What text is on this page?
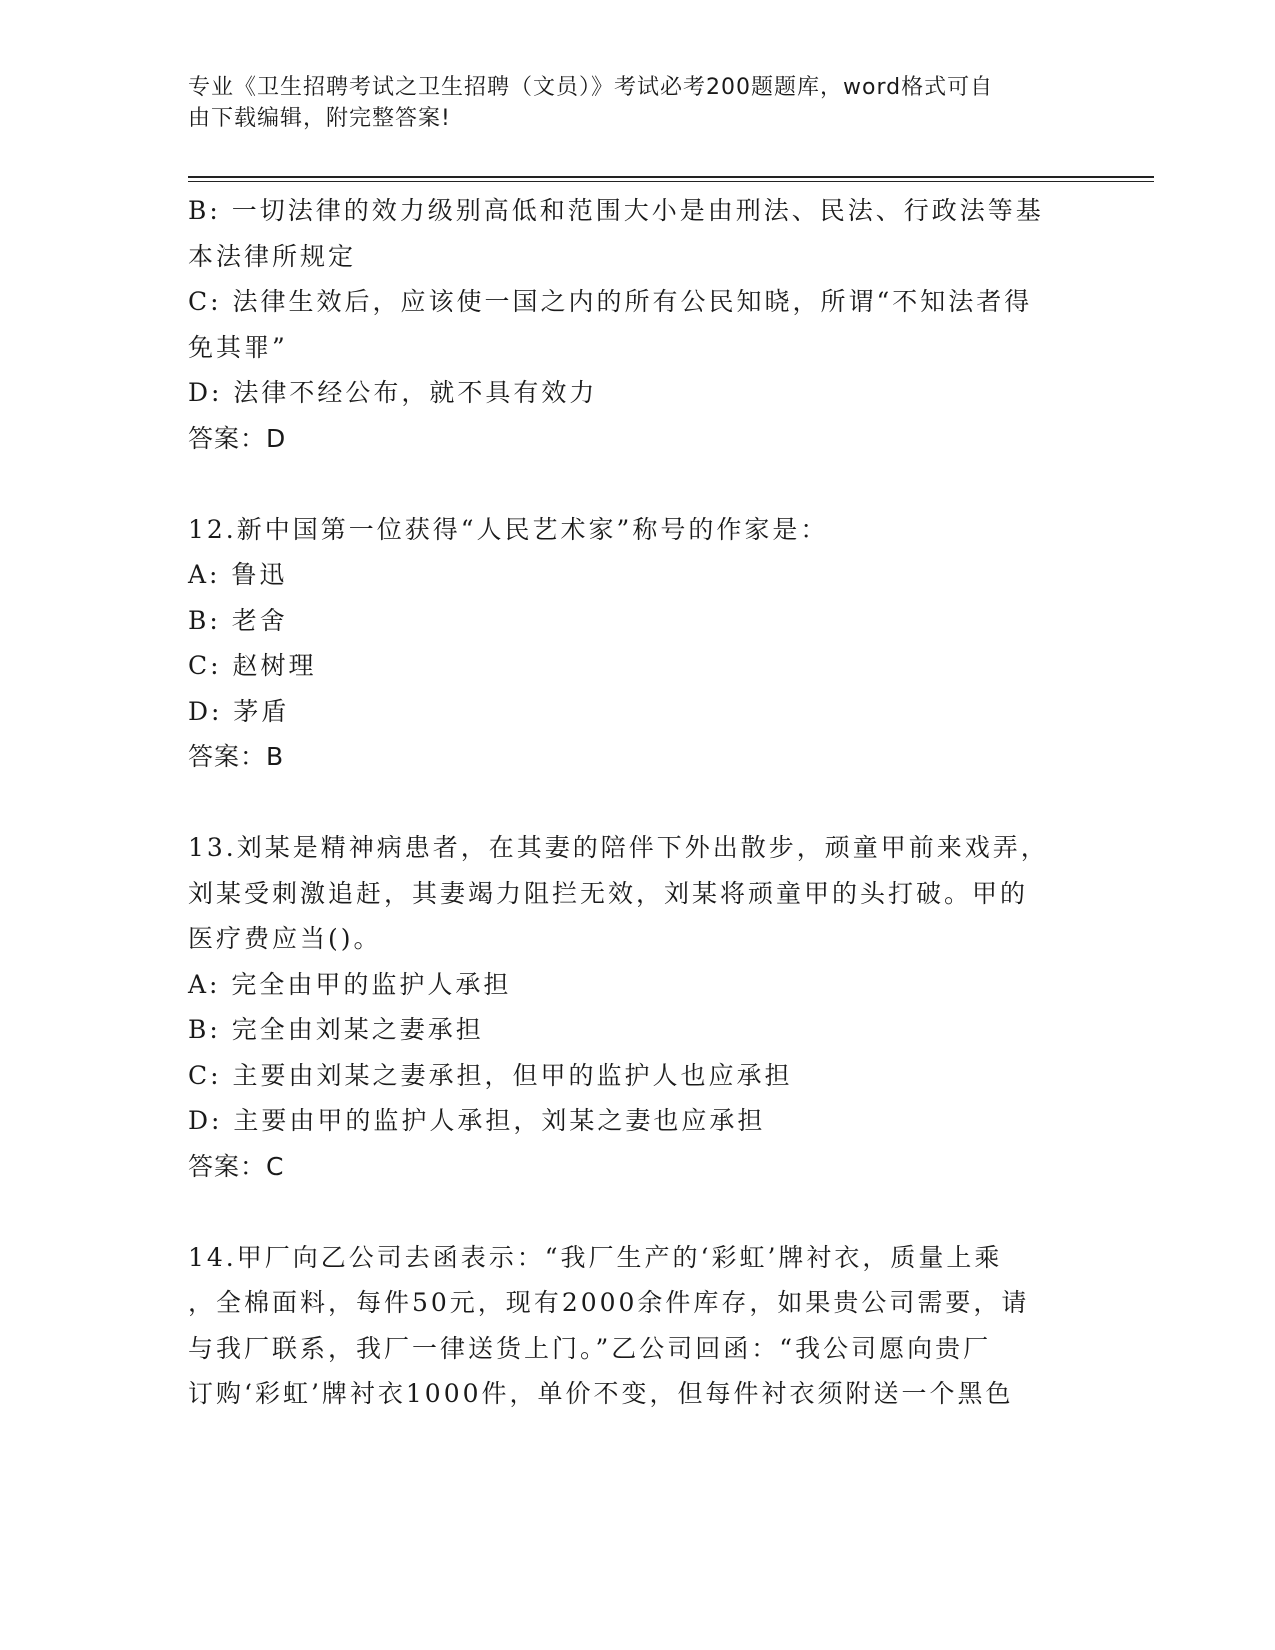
专业《卫生招聘考试之卫生招聘（文员）》考试必考200题题库，word格式可自
由下载编辑，附完整答案!
B: 一切法律的效力级别高低和范围大小是由刑法、民法、行政法等基
本法律所规定
C: 法律生效后，应该使一国之内的所有公民知晓，所谓“不知法者得
免其罪”
D: 法律不经公布，就不具有效力
答案：D
12.新中国第一位获得“人民艺术家”称号的作家是：
A: 鲁迅
B: 老舍
C: 赵树理
D: 茅盾
答案：B
13.刘某是精神病患者，在其妻的陪伴下外出散步，顽童甲前来戏弄，
刘某受刺激追赶，其妻竭力阻拦无效，刘某将顽童甲的头打破。甲的
医疗费应当()。
A: 完全由甲的监护人承担
B: 完全由刘某之妻承担
C: 主要由刘某之妻承担，但甲的监护人也应承担
D: 主要由甲的监护人承担，刘某之妻也应承担
答案：C
14.甲厂向乙公司去函表示：“我厂生产的‘彩虹’牌衬衣，质量上乘
，全棉面料，每件50元，现有2000余件库存，如果贵公司需要，请
与我厂联系，我厂一律送货上门。”乙公司回函：“我公司愿向贵厂
订购‘彩虹’牌衬衣1000件，单价不变，但每件衬衣须附送一个黑色
